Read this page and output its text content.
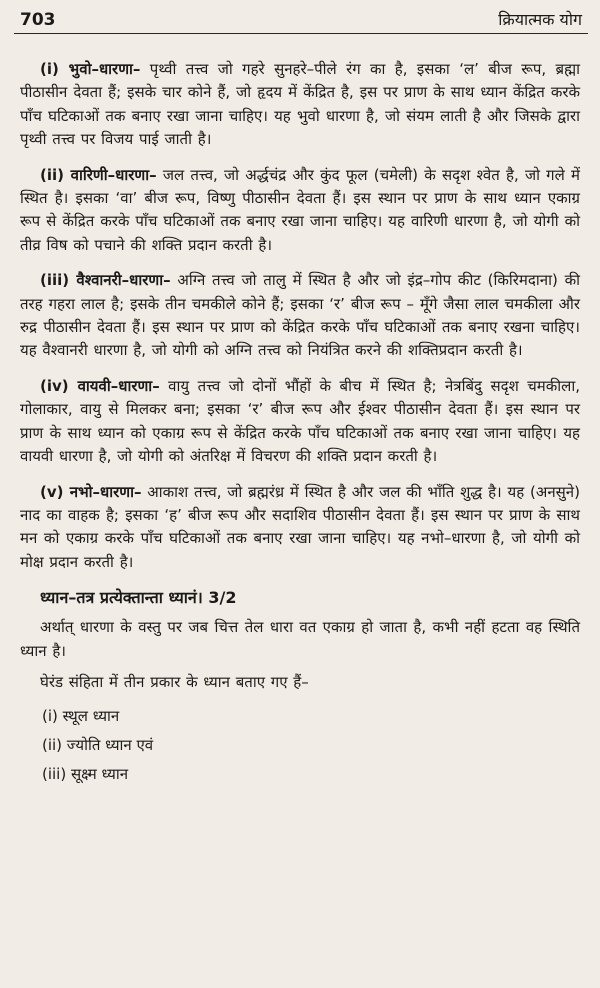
703	क्रियात्मक योग

(i) भुवो–धारणा– पृथ्वी तत्त्व जो गहरे सुनहरे–पीले रंग का है, इसका ‘ल’ बीज रूप, ब्रह्मा पीठासीन देवता हैं; इसके चार कोने हैं, जो हृदय में केंद्रित है, इस पर प्राण के साथ ध्यान केंद्रित करके पाँच घटिकाओं तक बनाए रखा जाना चाहिए। यह भुवो धारणा है, जो संयम लाती है और जिसके द्वारा पृथ्वी तत्त्व पर विजय पाई जाती है।

(ii) वारिणी–धारणा– जल तत्त्व, जो अर्द्धचंद्र और कुंद फूल (चमेली) के सदृश श्वेत है, जो गले में स्थित है। इसका ‘वा’ बीज रूप, विष्णु पीठासीन देवता हैं। इस स्थान पर प्राण के साथ ध्यान एकाग्र रूप से केंद्रित करके पाँच घटिकाओं तक बनाए रखा जाना चाहिए। यह वारिणी धारणा है, जो योगी को तीव्र विष को पचाने की शक्ति प्रदान करती है।

(iii) वैश्वानरी–धारणा– अग्नि तत्त्व जो तालु में स्थित है और जो इंद्र–गोप कीट (किरिमदाना) की तरह गहरा लाल है; इसके तीन चमकीले कोने हैं; इसका ‘र’ बीज रूप – मूँगे जैसा लाल चमकीला और रुद्र पीठासीन देवता हैं। इस स्थान पर प्राण को केंद्रित करके पाँच घटिकाओं तक बनाए रखना चाहिए। यह वैश्वानरी धारणा है, जो योगी को अग्नि तत्त्व को नियंत्रित करने की शक्तिप्रदान करती है।

(iv) वायवी–धारणा– वायु तत्त्व जो दोनों भौंहों के बीच में स्थित है; नेत्रबिंदु सदृश चमकीला, गोलाकार, वायु से मिलकर बना; इसका ‘र’ बीज रूप और ईश्वर पीठासीन देवता हैं। इस स्थान पर प्राण के साथ ध्यान को एकाग्र रूप से केंद्रित करके पाँच घटिकाओं तक बनाए रखा जाना चाहिए। यह वायवी धारणा है, जो योगी को अंतरिक्ष में विचरण की शक्ति प्रदान करती है।

(v) नभो–धारणा– आकाश तत्त्व, जो ब्रह्मरंध्र में स्थित है और जल की भाँति शुद्ध है। यह (अनसुने) नाद का वाहक है; इसका ‘ह’ बीज रूप और सदाशिव पीठासीन देवता हैं। इस स्थान पर प्राण के साथ मन को एकाग्र करके पाँच घटिकाओं तक बनाए रखा जाना चाहिए। यह नभो–धारणा है, जो योगी को मोक्ष प्रदान करती है।

ध्यान–तत्र प्रत्येक्तान्ता ध्यानं। 3/2

अर्थात् धारणा के वस्तु पर जब चित्त तेल धारा वत एकाग्र हो जाता है, कभी नहीं हटता वह स्थिति ध्यान है।

घेरंड संहिता में तीन प्रकार के ध्यान बताए गए हैं–

(i) स्थूल ध्यान
(ii) ज्योति ध्यान एवं
(iii) सूक्ष्म ध्यान
